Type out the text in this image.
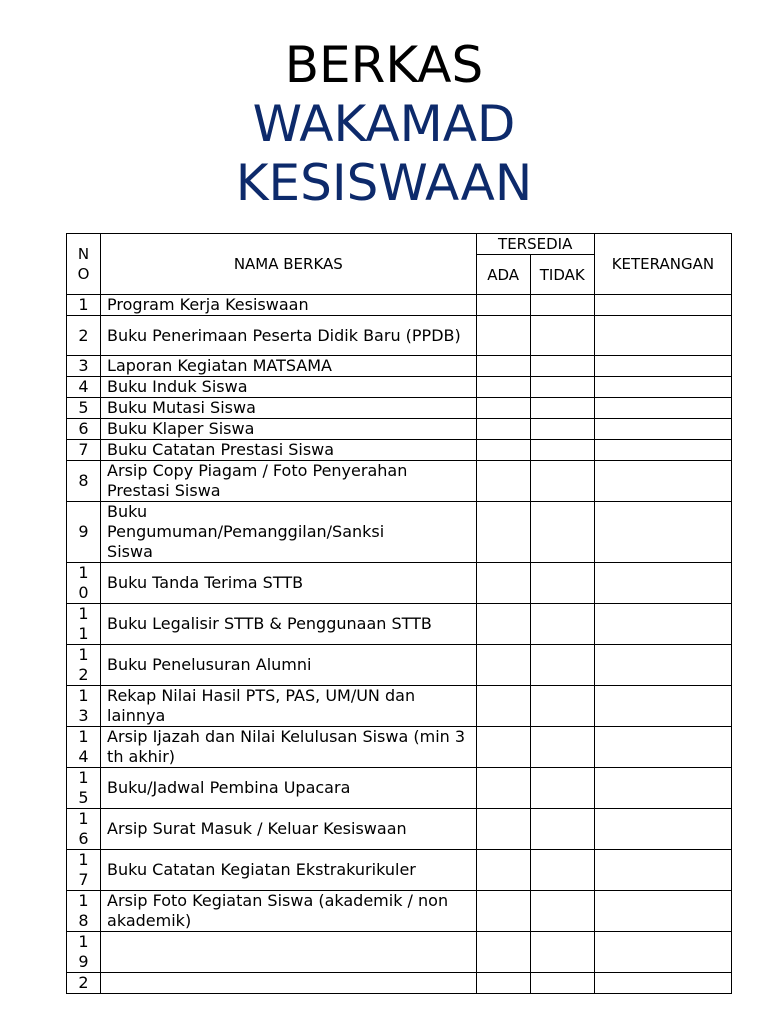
BERKAS
WAKAMAD
KESISWAAN
NO	NAMA BERKAS	TERSEDIA		KETERANGAN
		ADA	TIDAK	
1	Program Kerja Kesiswaan			
2	Buku Penerimaan Peserta Didik Baru (PPDB)			
3	Laporan Kegiatan MATSAMA			
4	Buku Induk Siswa			
5	Buku Mutasi Siswa			
6	Buku Klaper Siswa			
7	Buku Catatan Prestasi Siswa			
8	Arsip Copy Piagam / Foto Penyerahan Prestasi Siswa			
9	Buku Pengumuman/Pemanggilan/Sanksi Siswa			
10	Buku Tanda Terima STTB			
11	Buku Legalisir STTB & Penggunaan STTB			
12	Buku Penelusuran Alumni			
13	Rekap Nilai Hasil PTS, PAS, UM/UN dan lainnya			
14	Arsip Ijazah dan Nilai Kelulusan Siswa (min 3 th akhir)			
15	Buku/Jadwal Pembina Upacara			
16	Arsip Surat Masuk / Keluar Kesiswaan			
17	Buku Catatan Kegiatan Ekstrakurikuler			
18	Arsip Foto Kegiatan Siswa (akademik / non akademik)			
19				
2				
